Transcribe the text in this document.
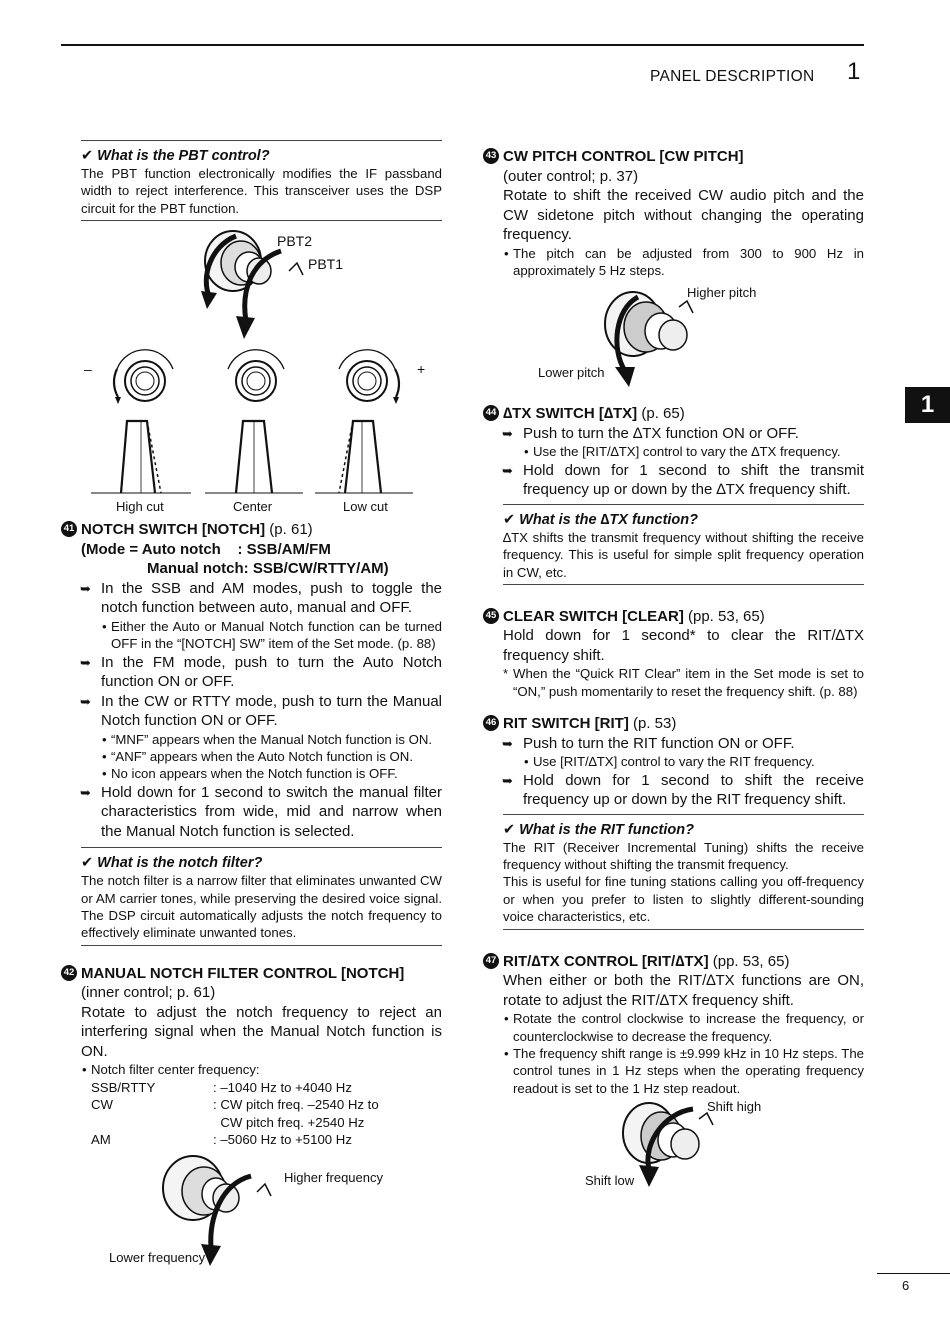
PANEL DESCRIPTION 1
1
✔ What is the PBT control?
The PBT function electronically modifies the IF passband width to reject interference. This transceiver uses the DSP circuit for the PBT function.
PBT2
PBT1
–	+
High cut	Center	Low cut
41 NOTCH SWITCH [NOTCH] (p. 61)
(Mode = Auto notch    : SSB/AM/FM
Manual notch: SSB/CW/RTTY/AM)
➥ In the SSB and AM modes, push to toggle the notch function between auto, manual and OFF.
• Either the Auto or Manual Notch function can be turned OFF in the “[NOTCH] SW” item of the Set mode. (p. 88)
➥ In the FM mode, push to turn the Auto Notch function ON or OFF.
➥ In the CW or RTTY mode, push to turn the Manual Notch function ON or OFF.
• “MNF” appears when the Manual Notch function is ON.
• “ANF” appears when the Auto Notch function is ON.
• No icon appears when the Notch function is OFF.
➥ Hold down for 1 second to switch the manual filter characteristics from wide, mid and narrow when the Manual Notch function is selected.
✔ What is the notch filter?
The notch filter is a narrow filter that eliminates unwanted CW or AM carrier tones, while preserving the desired voice signal. The DSP circuit automatically adjusts the notch frequency to effectively eliminate unwanted tones.
42 MANUAL NOTCH FILTER CONTROL [NOTCH]
(inner control; p. 61)
Rotate to adjust the notch frequency to reject an interfering signal when the Manual Notch function is ON.
• Notch filter center frequency:
SSB/RTTY	: –1040 Hz to +4040 Hz
CW	: CW pitch freq. –2540 Hz to
CW pitch freq. +2540 Hz
AM	: –5060 Hz to +5100 Hz
Higher frequency
Lower frequency
43 CW PITCH CONTROL [CW PITCH]
(outer control; p. 37)
Rotate to shift the received CW audio pitch and the CW sidetone pitch without changing the operating frequency.
• The pitch can be adjusted from 300 to 900 Hz in approximately 5 Hz steps.
Higher pitch
Lower pitch
44 ∆TX SWITCH [∆TX] (p. 65)
➥ Push to turn the ∆TX function ON or OFF.
• Use the [RIT/∆TX] control to vary the ∆TX frequency.
➥ Hold down for 1 second to shift the transmit frequency up or down by the ∆TX frequency shift.
✔ What is the ∆TX function?
∆TX shifts the transmit frequency without shifting the receive frequency. This is useful for simple split frequency operation in CW, etc.
45 CLEAR SWITCH [CLEAR] (pp. 53, 65)
Hold down for 1 second* to clear the RIT/∆TX frequency shift.
* When the “Quick RIT Clear” item in the Set mode is set to “ON,” push momentarily to reset the frequency shift. (p. 88)
46 RIT SWITCH [RIT] (p. 53)
➥ Push to turn the RIT function ON or OFF.
• Use [RIT/∆TX] control to vary the RIT frequency.
➥ Hold down for 1 second to shift the receive frequency up or down by the RIT frequency shift.
✔ What is the RIT function?
The RIT (Receiver Incremental Tuning) shifts the receive frequency without shifting the transmit frequency.
This is useful for fine tuning stations calling you off-frequency or when you prefer to listen to slightly different-sounding voice characteristics, etc.
47 RIT/∆TX CONTROL [RIT/∆TX] (pp. 53, 65)
When either or both the RIT/∆TX functions are ON, rotate to adjust the RIT/∆TX frequency shift.
• Rotate the control clockwise to increase the frequency, or counterclockwise to decrease the frequency.
• The frequency shift range is ±9.999 kHz in 10 Hz steps. The control tunes in 1 Hz steps when the operating frequency readout is set to the 1 Hz step readout.
Shift high
Shift low
6
